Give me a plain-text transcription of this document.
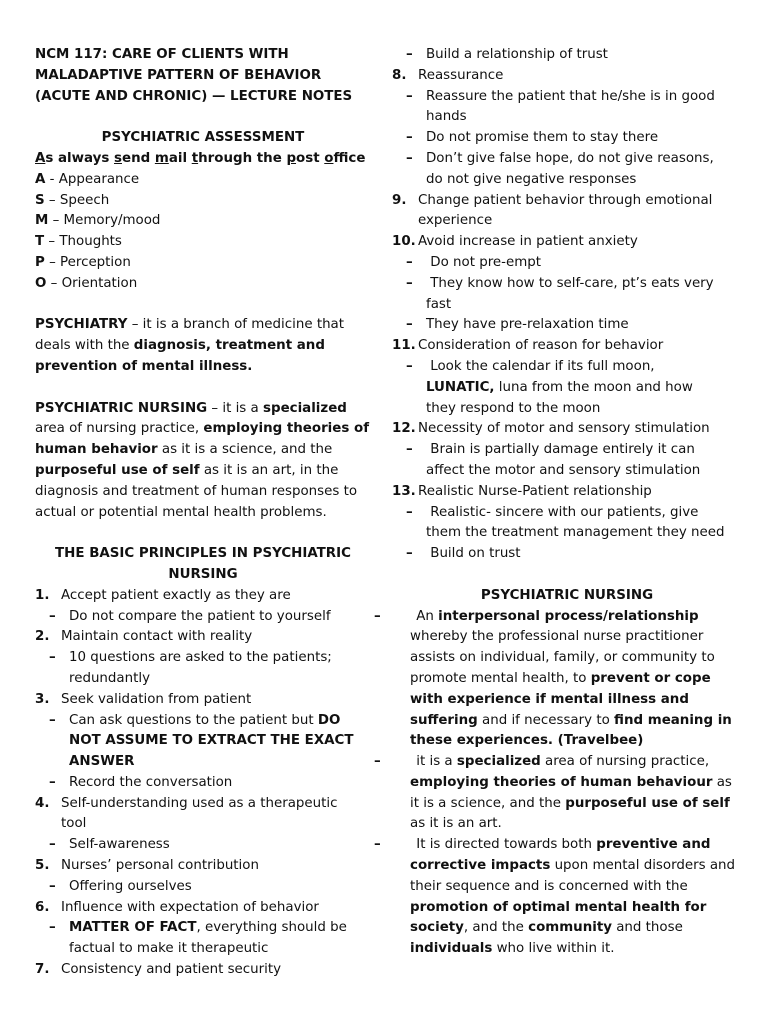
NCM 117: CARE OF CLIENTS WITH
MALADAPTIVE PATTERN OF BEHAVIOR
(ACUTE AND CHRONIC) — LECTURE NOTES
PSYCHIATRIC ASSESSMENT
As always send mail through the post office
A - Appearance
S – Speech
M – Memory/mood
T – Thoughts
P – Perception
O – Orientation
PSYCHIATRY – it is a branch of medicine that deals with the diagnosis, treatment and prevention of mental illness.
PSYCHIATRIC NURSING – it is a specialized area of nursing practice, employing theories of human behavior as it is a science, and the purposeful use of self as it is an art, in the diagnosis and treatment of human responses to actual or potential mental health problems.
THE BASIC PRINCIPLES IN PSYCHIATRIC
NURSING
1. Accept patient exactly as they are
– Do not compare the patient to yourself
2. Maintain contact with reality
– 10 questions are asked to the patients;
redundantly
3. Seek validation from patient
– Can ask questions to the patient but DO
NOT ASSUME TO EXTRACT THE EXACT
ANSWER
– Record the conversation
4. Self-understanding used as a therapeutic
tool
– Self-awareness
5. Nurses’ personal contribution
– Offering ourselves
6. Influence with expectation of behavior
– MATTER OF FACT, everything should be
factual to make it therapeutic
7. Consistency and patient security
– Build a relationship of trust
8. Reassurance
– Reassure the patient that he/she is in good
hands
– Do not promise them to stay there
– Don’t give false hope, do not give reasons,
do not give negative responses
9. Change patient behavior through emotional
experience
10. Avoid increase in patient anxiety
– Do not pre-empt
– They know how to self-care, pt’s eats very
fast
– They have pre-relaxation time
11. Consideration of reason for behavior
– Look the calendar if its full moon,
LUNATIC, luna from the moon and how
they respond to the moon
12. Necessity of motor and sensory stimulation
– Brain is partially damage entirely it can
affect the motor and sensory stimulation
13. Realistic Nurse-Patient relationship
– Realistic- sincere with our patients, give
them the treatment management they need
– Build on trust
PSYCHIATRIC NURSING
– An interpersonal process/relationship whereby the professional nurse practitioner assists on individual, family, or community to promote mental health, to prevent or cope with experience if mental illness and suffering and if necessary to find meaning in these experiences. (Travelbee)
– it is a specialized area of nursing practice, employing theories of human behaviour as it is a science, and the purposeful use of self as it is an art.
– It is directed towards both preventive and corrective impacts upon mental disorders and their sequence and is concerned with the promotion of optimal mental health for society, and the community and those individuals who live within it.
